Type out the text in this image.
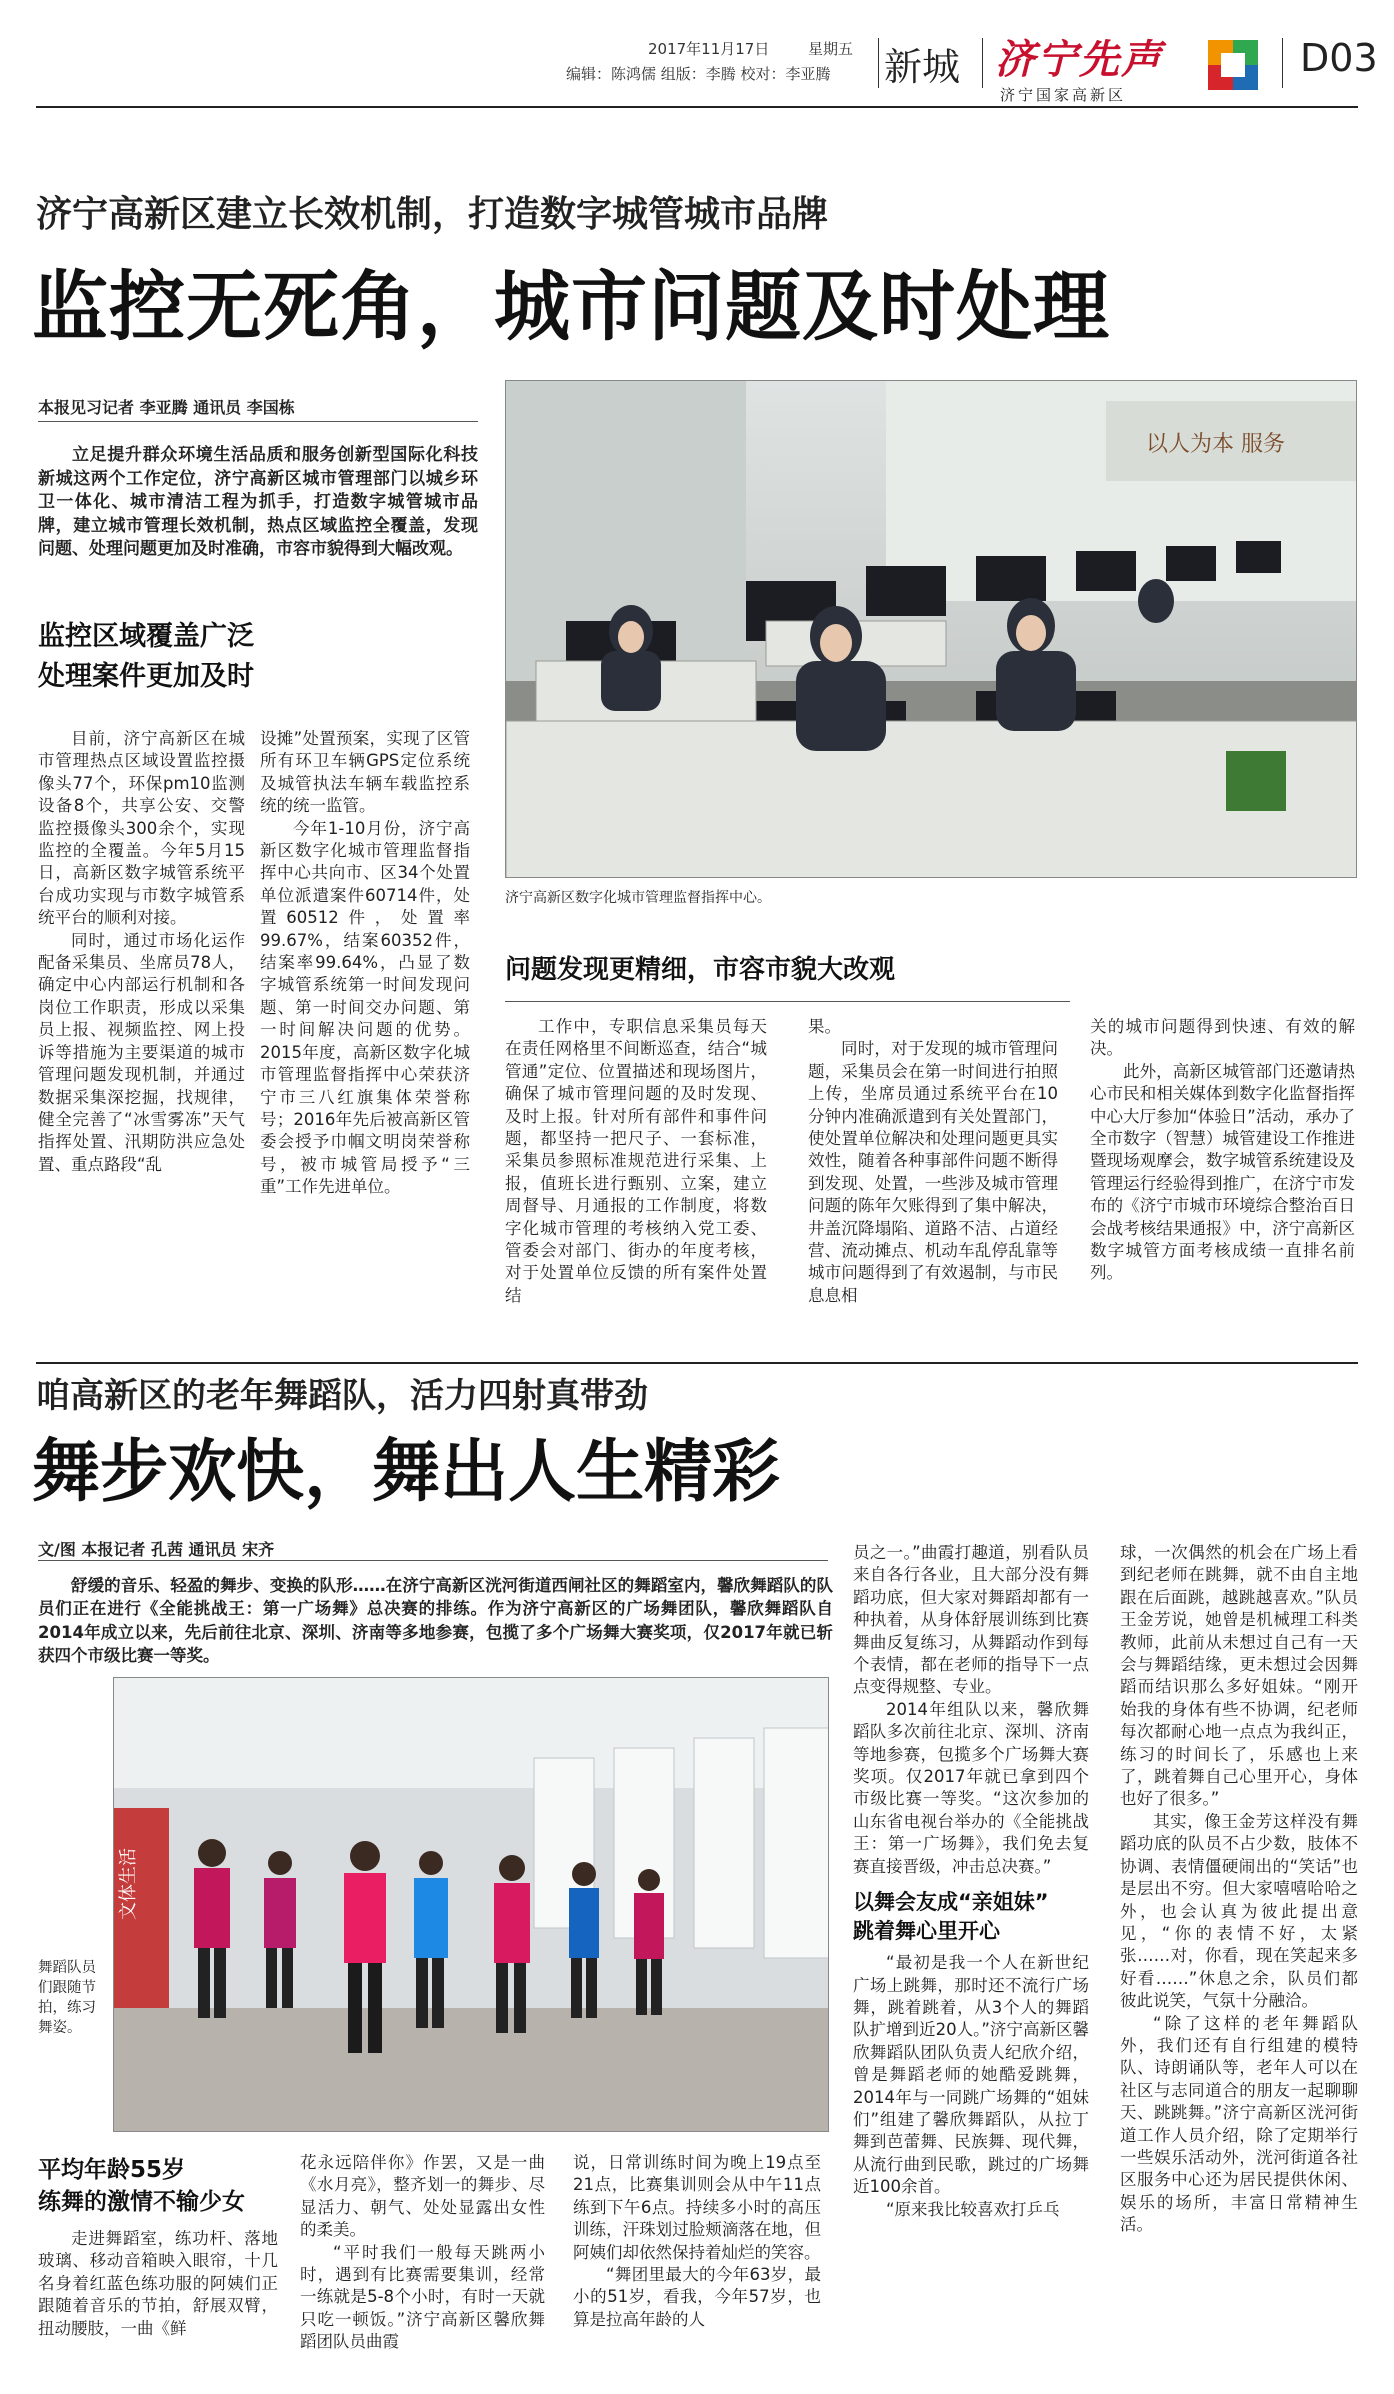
2017年11月17日	星期五
编辑：陈鸿儒 组版：李腾 校对：李亚腾 新城 济宁先声
济宁国家高新区
D03
济宁高新区建立长效机制，打造数字城管城市品牌
监控无死角，城市问题及时处理
本报见习记者 李亚腾 通讯员 李国栋

立足提升群众环境生活品质和服务创新型国际化科技新城这两个工作定位，济宁高新区城市管理部门以城乡环卫一体化、城市清洁工程为抓手，打造数字城管城市品牌，建立城市管理长效机制，热点区域监控全覆盖，发现问题、处理问题更加及时准确，市容市貌得到大幅改观。

监控区域覆盖广泛
处理案件更加及时

目前，济宁高新区在城市管理热点区域设置监控摄像头77个，环保pm10监测设备8个，共享公安、交警监控摄像头300余个，实现监控的全覆盖。今年5月15日，高新区数字城管系统平台成功实现与市数字城管系统平台的顺利对接。

同时，通过市场化运作配备采集员、坐席员78人，确定中心内部运行机制和各岗位工作职责，形成以采集员上报、视频监控、网上投诉等措施为主要渠道的城市管理问题发现机制，并通过数据采集深挖掘，找规律，健全完善了“冰雪雾冻”天气指挥处置、汛期防洪应急处置、重点路段“乱

设摊”处置预案，实现了区管所有环卫车辆GPS定位系统及城管执法车辆车载监控系统的统一监管。

今年1-10月份，济宁高新区数字化城市管理监督指挥中心共向市、区34个处置单位派遣案件60714件，处置60512件，处置率99.67%，结案60352件，结案率99.64%，凸显了数字城管系统第一时间发现问题、第一时间交办问题、第一时间解决问题的优势。2015年度，高新区数字化城市管理监督指挥中心荣获济宁市三八红旗集体荣誉称号；2016年先后被高新区管委会授予巾帼文明岗荣誉称号，被市城管局授予“三重”工作先进单位。

以人为本 服务
济宁高新区数字化城市管理监督指挥中心。
问题发现更精细，市容市貌大改观

工作中，专职信息采集员每天在责任网格里不间断巡查，结合“城管通”定位、位置描述和现场图片，确保了城市管理问题的及时发现、及时上报。针对所有部件和事件问题，都坚持一把尺子、一套标准，采集员参照标准规范进行采集、上报，值班长进行甄别、立案，建立周督导、月通报的工作制度，将数字化城市管理的考核纳入党工委、管委会对部门、街办的年度考核，对于处置单位反馈的所有案件处置结

果。

同时，对于发现的城市管理问题，采集员会在第一时间进行拍照上传，坐席员通过系统平台在10分钟内准确派遣到有关处置部门，使处置单位解决和处理问题更具实效性，随着各种事部件问题不断得到发现、处置，一些涉及城市管理问题的陈年欠账得到了集中解决，井盖沉降塌陷、道路不洁、占道经营、流动摊点、机动车乱停乱靠等城市问题得到了有效遏制，与市民息息相

关的城市问题得到快速、有效的解决。

此外，高新区城管部门还邀请热心市民和相关媒体到数字化监督指挥中心大厅参加“体验日”活动，承办了全市数字（智慧）城管建设工作推进暨现场观摩会，数字城管系统建设及管理运行经验得到推广，在济宁市发布的《济宁市城市环境综合整治百日会战考核结果通报》中，济宁高新区数字城管方面考核成绩一直排名前列。

咱高新区的老年舞蹈队，活力四射真带劲
舞步欢快，舞出人生精彩
文/图 本报记者 孔茜 通讯员 宋齐

舒缓的音乐、轻盈的舞步、变换的队形……在济宁高新区洸河街道西闸社区的舞蹈室内，馨欣舞蹈队的队员们正在进行《全能挑战王：第一广场舞》总决赛的排练。作为济宁高新区的广场舞团队，馨欣舞蹈队自2014年成立以来，先后前往北京、深圳、济南等多地参赛，包揽了多个广场舞大赛奖项，仅2017年就已斩获四个市级比赛一等奖。

文体生活
舞蹈队员们跟随节拍，练习舞姿。
平均年龄55岁
练舞的激情不输少女

走进舞蹈室，练功杆、落地玻璃、移动音箱映入眼帘，十几名身着红蓝色练功服的阿姨们正跟随着音乐的节拍，舒展双臂，扭动腰肢，一曲《鲜

花永远陪伴你》作罢，又是一曲《水月亮》，整齐划一的舞步、尽显活力、朝气、处处显露出女性的柔美。

“平时我们一般每天跳两小时，遇到有比赛需要集训，经常一练就是5-8个小时，有时一天就只吃一顿饭。”济宁高新区馨欣舞蹈团队员曲霞

说，日常训练时间为晚上19点至21点，比赛集训则会从中午11点练到下午6点。持续多小时的高压训练，汗珠划过脸颊滴落在地，但阿姨们却依然保持着灿烂的笑容。

“舞团里最大的今年63岁，最小的51岁，看我，今年57岁，也算是拉高年龄的人

员之一。”曲霞打趣道，别看队员来自各行各业，且大部分没有舞蹈功底，但大家对舞蹈却都有一种执着，从身体舒展训练到比赛舞曲反复练习，从舞蹈动作到每个表情，都在老师的指导下一点点变得规整、专业。

2014年组队以来，馨欣舞蹈队多次前往北京、深圳、济南等地参赛，包揽多个广场舞大赛奖项。仅2017年就已拿到四个市级比赛一等奖。“这次参加的山东省电视台举办的《全能挑战王：第一广场舞》，我们免去复赛直接晋级，冲击总决赛。”

以舞会友成“亲姐妹”
跳着舞心里开心

“最初是我一个人在新世纪广场上跳舞，那时还不流行广场舞，跳着跳着，从3个人的舞蹈队扩增到近20人。”济宁高新区馨欣舞蹈队团队负责人纪欣介绍，曾是舞蹈老师的她酷爱跳舞，2014年与一同跳广场舞的“姐妹们”组建了馨欣舞蹈队，从拉丁舞到芭蕾舞、民族舞、现代舞，从流行曲到民歌，跳过的广场舞近100余首。

“原来我比较喜欢打乒乓

球，一次偶然的机会在广场上看到纪老师在跳舞，就不由自主地跟在后面跳，越跳越喜欢。”队员王金芳说，她曾是机械理工科类教师，此前从未想过自己有一天会与舞蹈结缘，更未想过会因舞蹈而结识那么多好姐妹。“刚开始我的身体有些不协调，纪老师每次都耐心地一点点为我纠正，练习的时间长了，乐感也上来了，跳着舞自己心里开心，身体也好了很多。”

其实，像王金芳这样没有舞蹈功底的队员不占少数，肢体不协调、表情僵硬闹出的“笑话”也是层出不穷。但大家嘻嘻哈哈之外，也会认真为彼此提出意见，“你的表情不好，太紧张……对，你看，现在笑起来多好看……”休息之余，队员们都彼此说笑，气氛十分融洽。

“除了这样的老年舞蹈队外，我们还有自行组建的模特队、诗朗诵队等，老年人可以在社区与志同道合的朋友一起聊聊天、跳跳舞。”济宁高新区洸河街道工作人员介绍，除了定期举行一些娱乐活动外，洸河街道各社区服务中心还为居民提供休闲、娱乐的场所，丰富日常精神生活。
